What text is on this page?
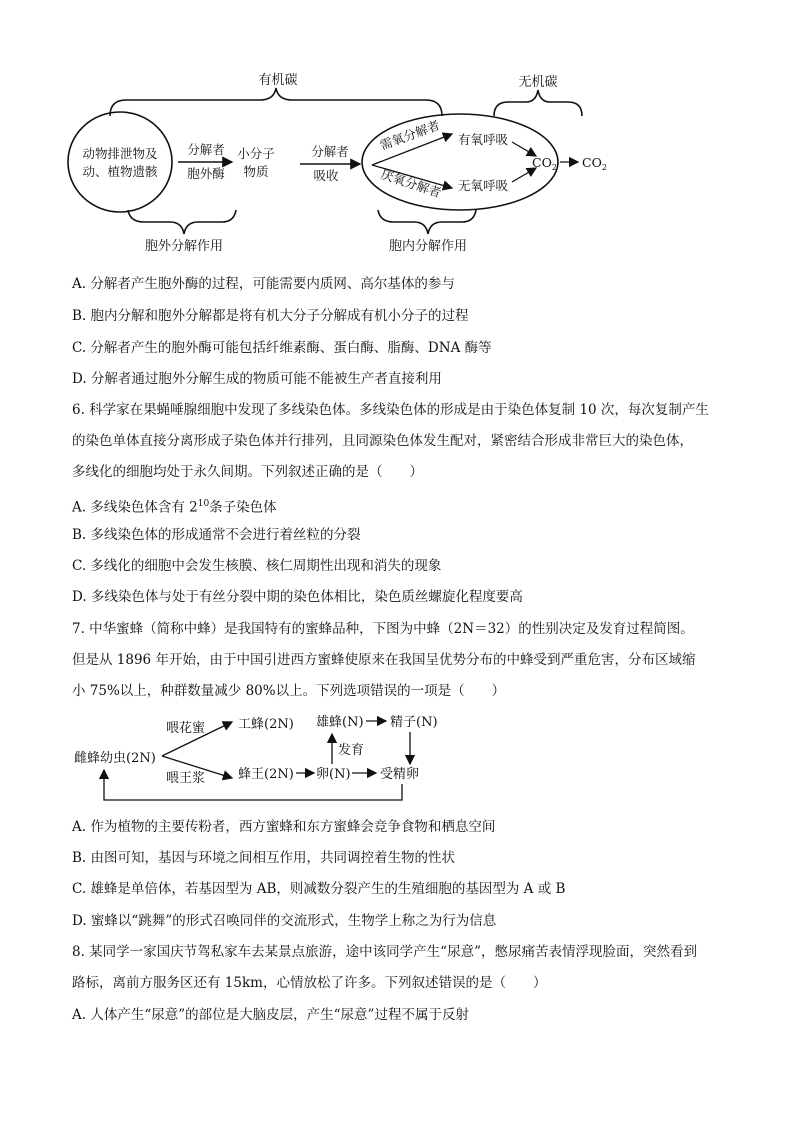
有机碳	无机碳
动物排泄物及
动、植物遗骸
分解者
胞外酶
小分子
物质
分解者
吸收
需氧分解者
厌氧分解者
有氧呼吸
无氧呼吸
$CO_2$ $CO_2$
胞外分解作用	胞内分解作用
A. 分解者产生胞外酶的过程，可能需要内质网、高尔基体的参与
B. 胞内分解和胞外分解都是将有机大分子分解成有机小分子的过程
C. 分解者产生的胞外酶可能包括纤维素酶、蛋白酶、脂酶、DNA 酶等
D. 分解者通过胞外分解生成的物质可能不能被生产者直接利用
6. 科学家在果蝇唾腺细胞中发现了多线染色体。多线染色体的形成是由于染色体复制 10 次，每次复制产生
的染色单体直接分离形成子染色体并行排列，且同源染色体发生配对，紧密结合形成非常巨大的染色体，
多线化的细胞均处于永久间期。下列叙述正确的是（　　）
A. 多线染色体含有 $2^{10}$条子染色体
B. 多线染色体的形成通常不会进行着丝粒的分裂
C. 多线化的细胞中会发生核膜、核仁周期性出现和消失的现象
D. 多线染色体与处于有丝分裂中期的染色体相比，染色质丝螺旋化程度要高
7. 中华蜜蜂（简称中蜂）是我国特有的蜜蜂品种，下图为中蜂（2N＝32）的性别决定及发育过程简图。
但是从 1896 年开始，由于中国引进西方蜜蜂使原来在我国呈优势分布的中蜂受到严重危害，分布区域缩
小 75%以上，种群数量减少 80%以上。下列选项错误的一项是（　　）
雌蜂幼虫(2N)
喂花蜜
喂王浆
工蜂(2N)
蜂王(2N) 卵(N) 受精卵
雄蜂(N) 精子(N)
发育
A. 作为植物的主要传粉者，西方蜜蜂和东方蜜蜂会竞争食物和栖息空间
B. 由图可知，基因与环境之间相互作用，共同调控着生物的性状
C. 雄蜂是单倍体，若基因型为 AB，则减数分裂产生的生殖细胞的基因型为 A 或 B
D. 蜜蜂以“跳舞”的形式召唤同伴的交流形式，生物学上称之为行为信息
8. 某同学一家国庆节驾私家车去某景点旅游，途中该同学产生“尿意”，憋尿痛苦表情浮现脸面，突然看到
路标，离前方服务区还有 15km，心情放松了许多。下列叙述错误的是（　　）
A. 人体产生“尿意”的部位是大脑皮层，产生“尿意”过程不属于反射
